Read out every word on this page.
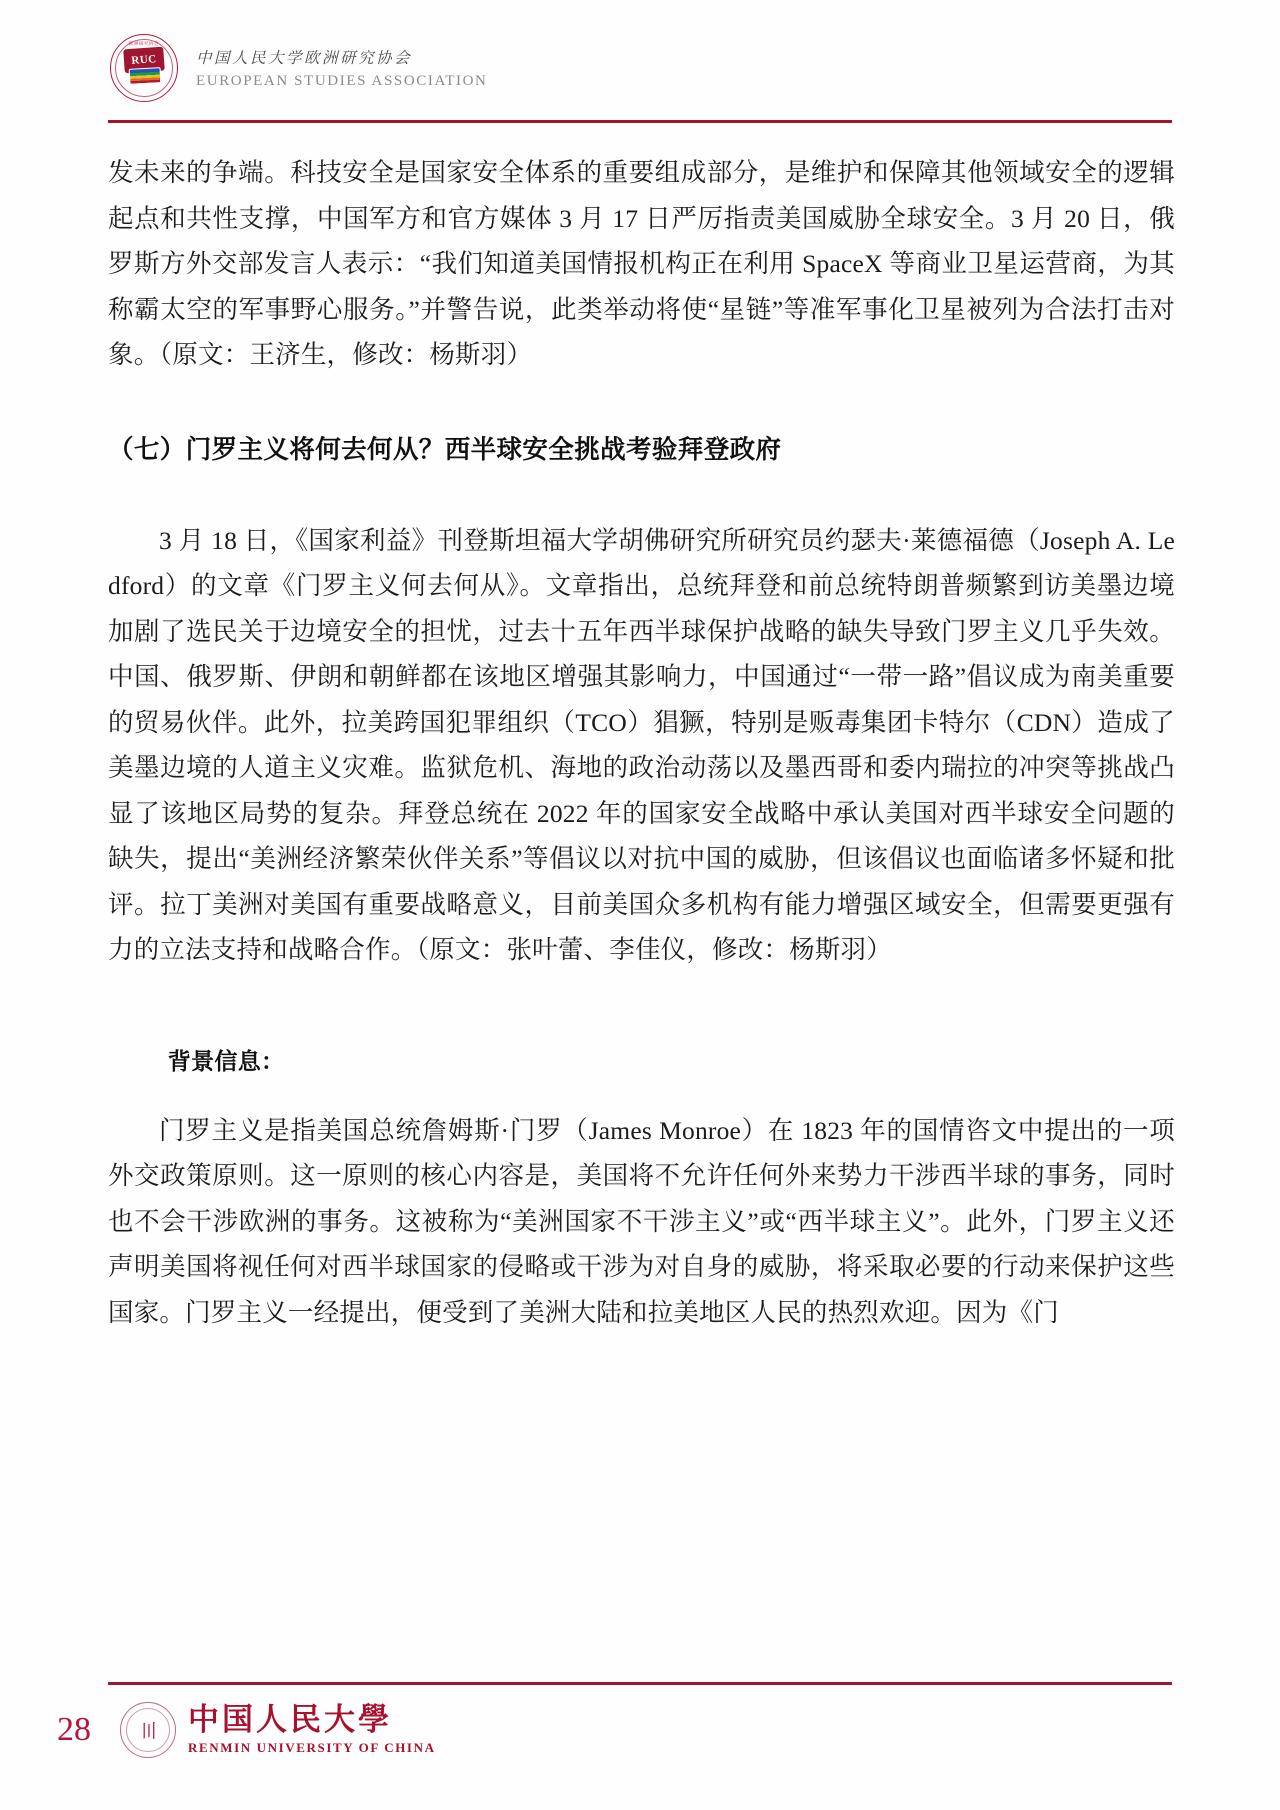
欧洲研究协会
RUC	中国人民大学欧洲研究协会
EUROPEAN STUDIES ASSOCIATION

发未来的争端。科技安全是国家安全体系的重要组成部分，是维护和保障其他领域安全的逻辑起点和共性支撑，中国军方和官方媒体 3 月 17 日严厉指责美国威胁全球安全。3 月 20 日，俄罗斯方外交部发言人表示：“我们知道美国情报机构正在利用 SpaceX 等商业卫星运营商，为其称霸太空的军事野心服务。”并警告说，此类举动将使“星链”等准军事化卫星被列为合法打击对象。（原文：王济生，修改：杨斯羽）

（七）门罗主义将何去何从？西半球安全挑战考验拜登政府

3 月 18 日，《国家利益》刊登斯坦福大学胡佛研究所研究员约瑟夫·莱德福德（Joseph A. Ledford）的文章《门罗主义何去何从》。文章指出，总统拜登和前总统特朗普频繁到访美墨边境加剧了选民关于边境安全的担忧，过去十五年西半球保护战略的缺失导致门罗主义几乎失效。中国、俄罗斯、伊朗和朝鲜都在该地区增强其影响力，中国通过“一带一路”倡议成为南美重要的贸易伙伴。此外，拉美跨国犯罪组织（TCO）猖獗，特别是贩毒集团卡特尔（CDN）造成了美墨边境的人道主义灾难。监狱危机、海地的政治动荡以及墨西哥和委内瑞拉的冲突等挑战凸显了该地区局势的复杂。拜登总统在 2022 年的国家安全战略中承认美国对西半球安全问题的缺失，提出“美洲经济繁荣伙伴关系”等倡议以对抗中国的威胁，但该倡议也面临诸多怀疑和批评。拉丁美洲对美国有重要战略意义，目前美国众多机构有能力增强区域安全，但需要更强有力的立法支持和战略合作。（原文：张叶蕾、李佳仪，修改：杨斯羽）

背景信息：

门罗主义是指美国总统詹姆斯·门罗（James Monroe）在 1823 年的国情咨文中提出的一项外交政策原则。这一原则的核心内容是，美国将不允许任何外来势力干涉西半球的事务，同时也不会干涉欧洲的事务。这被称为“美洲国家不干涉主义”或“西半球主义”。此外，门罗主义还声明美国将视任何对西半球国家的侵略或干涉为对自身的威胁，将采取必要的行动来保护这些国家。门罗主义一经提出，便受到了美洲大陆和拉美地区人民的热烈欢迎。因为《门

28	〣 中国人民大學
RENMIN UNIVERSITY OF CHINA
